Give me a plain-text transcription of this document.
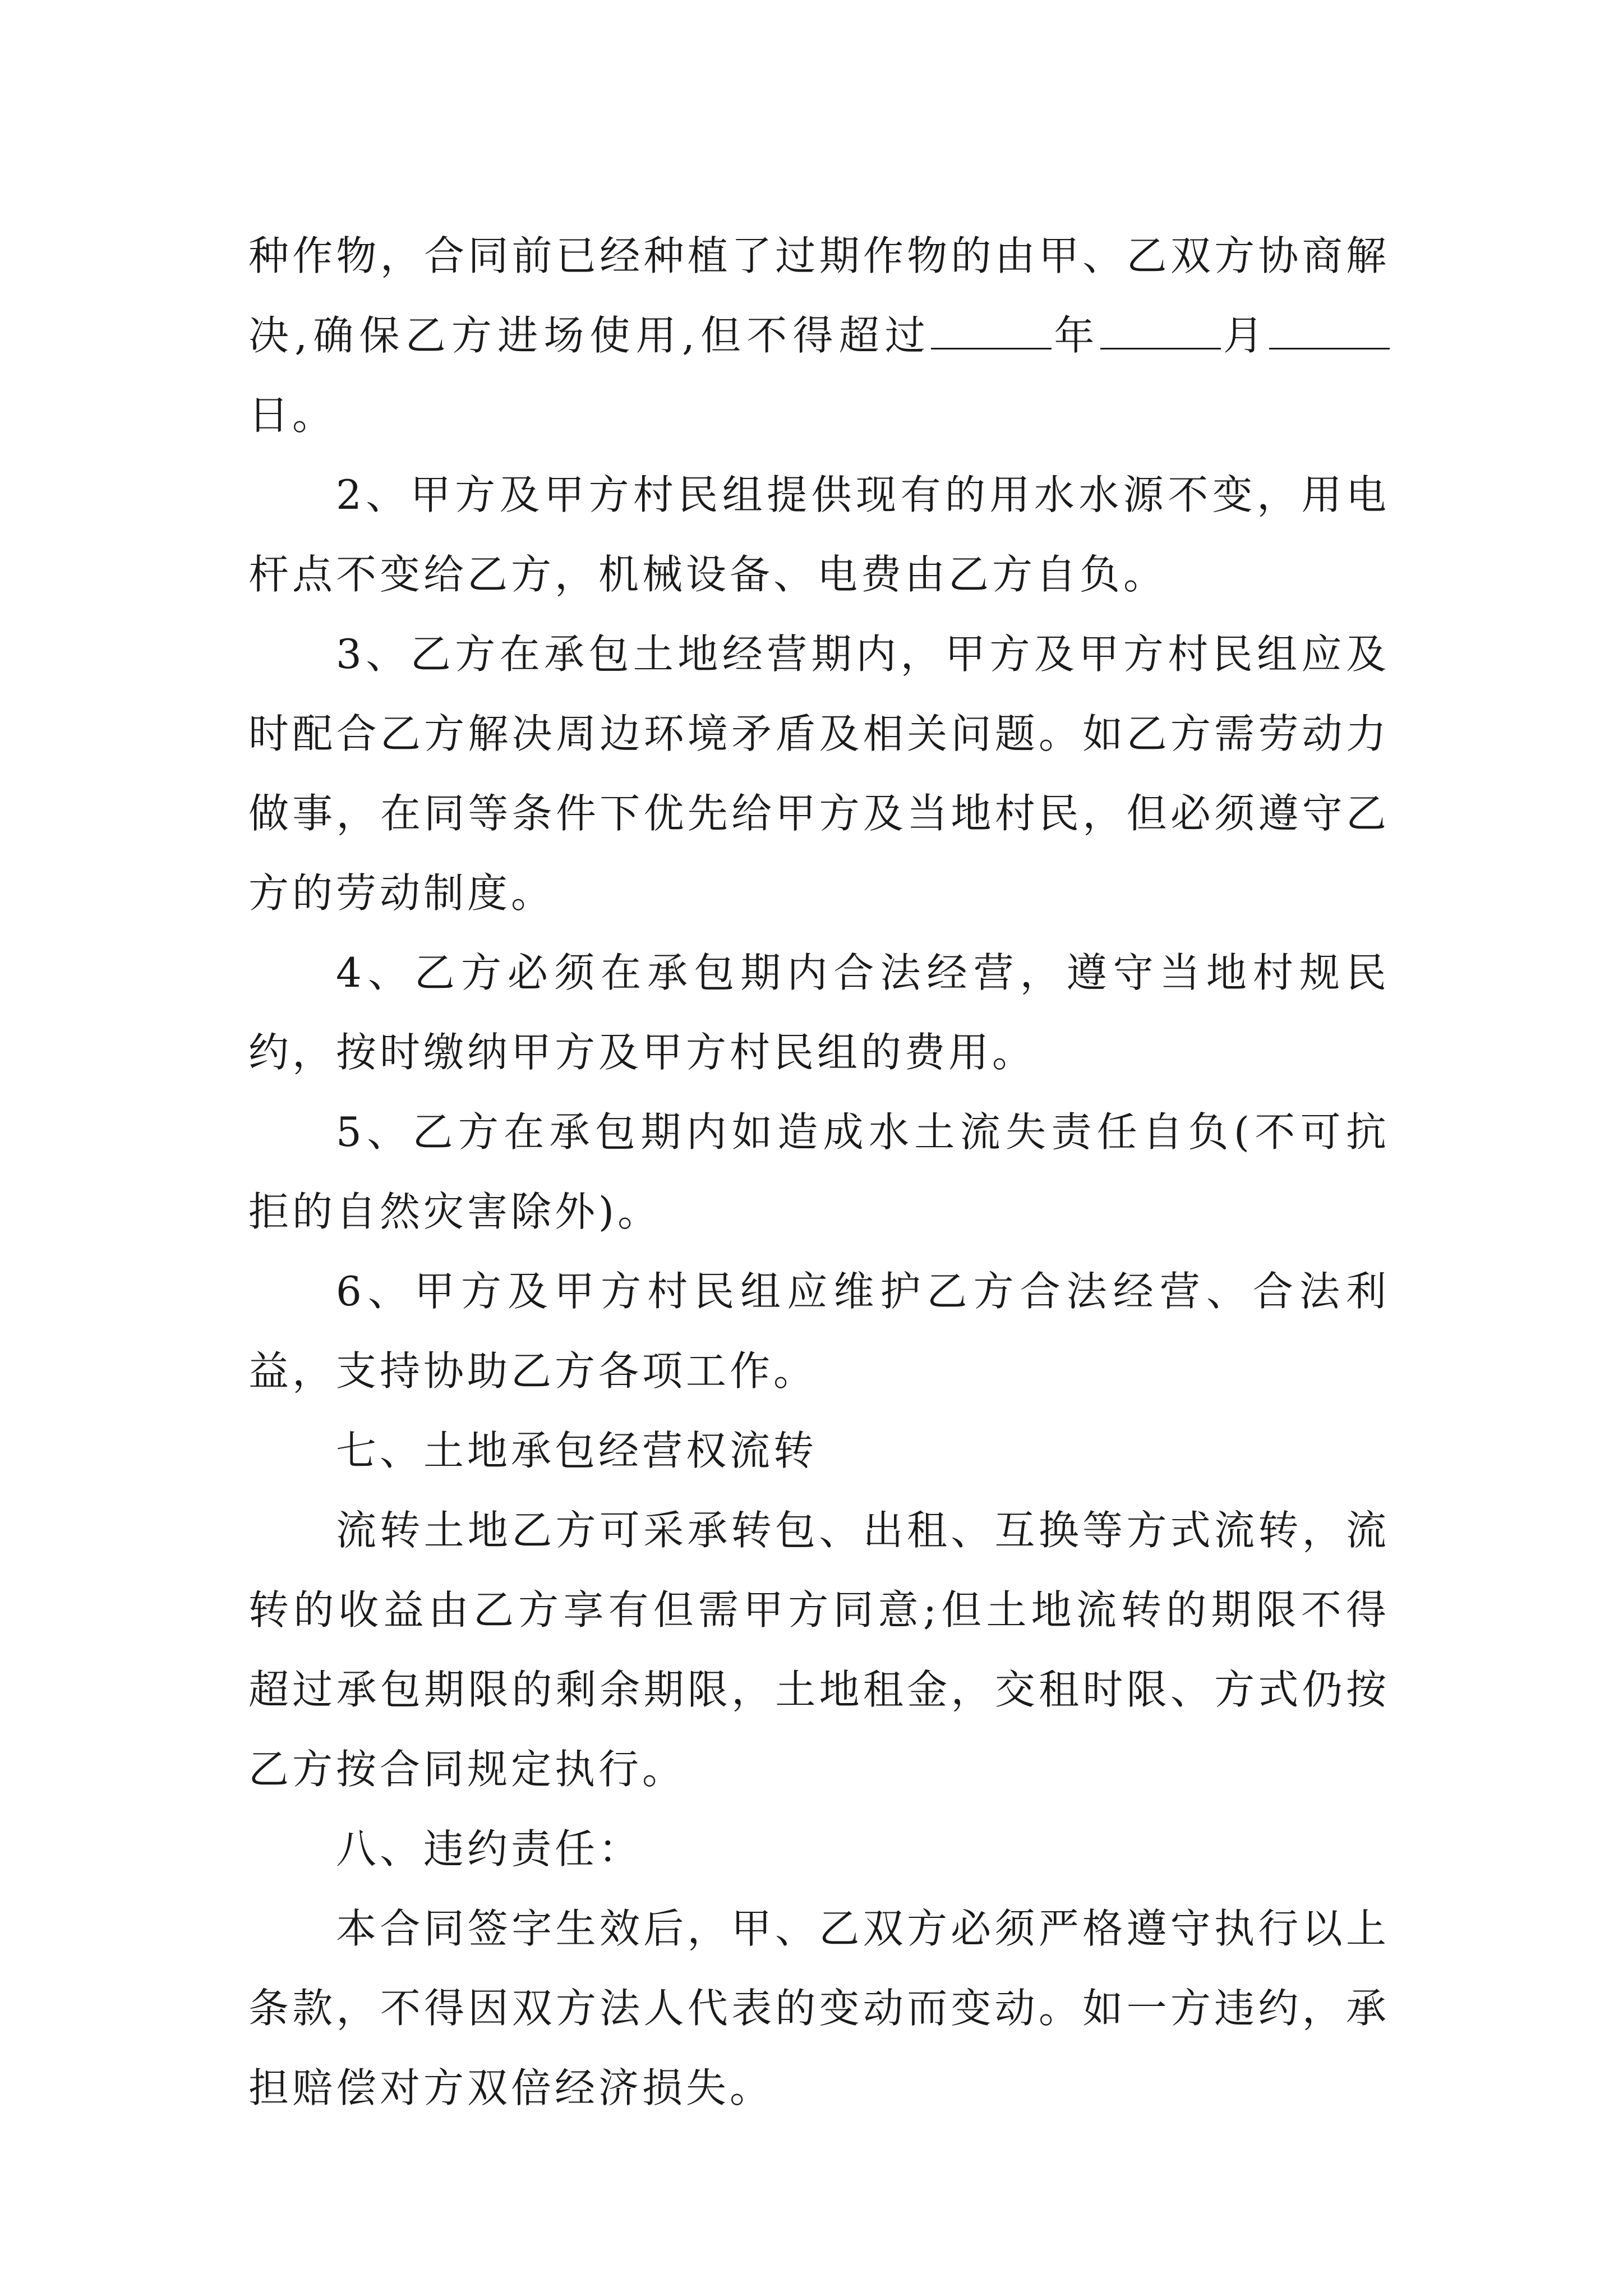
种作物，合同前已经种植了过期作物的由甲、乙双方协商解决,确保乙方进场使用,但不得超过	年	月日。

2、甲方及甲方村民组提供现有的用水水源不变，用电杆点不变给乙方，机械设备、电费由乙方自负。

3、乙方在承包土地经营期内，甲方及甲方村民组应及时配合乙方解决周边环境矛盾及相关问题。如乙方需劳动力做事，在同等条件下优先给甲方及当地村民，但必须遵守乙方的劳动制度。

4、乙方必须在承包期内合法经营，遵守当地村规民约，按时缴纳甲方及甲方村民组的费用。

5、乙方在承包期内如造成水土流失责任自负(不可抗拒的自然灾害除外)。

6、甲方及甲方村民组应维护乙方合法经营、合法利益，支持协助乙方各项工作。

七、土地承包经营权流转

流转土地乙方可采承转包、出租、互换等方式流转，流转的收益由乙方享有但需甲方同意;但土地流转的期限不得超过承包期限的剩余期限，土地租金，交租时限、方式仍按乙方按合同规定执行。

八、违约责任：

本合同签字生效后，甲、乙双方必须严格遵守执行以上条款，不得因双方法人代表的变动而变动。如一方违约，承担赔偿对方双倍经济损失。
